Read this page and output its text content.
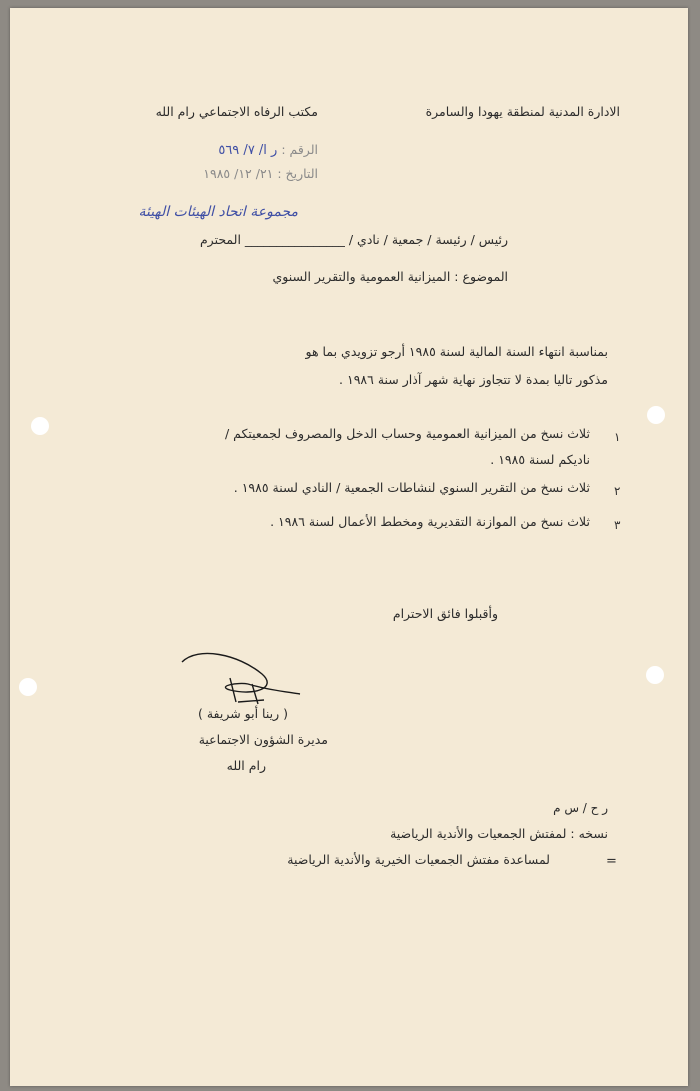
الادارة المدنية لمنطقة يهودا والسامرة
مكتب الرفاه الاجتماعي رام الله
الرقم : ر ا/ ٧/ ٥٦٩
التاريخ : ٢١/ ١٢/ ١٩٨٥
مجموعة اتحاد الهيئات الهيئة
رئيس / رئيسة / جمعية / نادي / ________________ المحترم
الموضوع : الميزانية العمومية والتقرير السنوي
بمناسبة انتهاء السنة المالية لسنة ١٩٨٥ أرجو تزويدي بما هو
مذكور تاليا بمدة لا تتجاوز نهاية شهر آذار سنة ١٩٨٦ .
١
ثلاث نسخ من الميزانية العمومية وحساب الدخل والمصروف لجمعيتكم /
ناديكم لسنة ١٩٨٥ .
٢
ثلاث نسخ من التقرير السنوي لنشاطات الجمعية / النادي لسنة ١٩٨٥ .
٣
ثلاث نسخ من الموازنة التقديرية ومخطط الأعمال لسنة ١٩٨٦ .
وأقبلوا فائق الاحترام
( رينا أبو شريفة )
مديرة الشؤون الاجتماعية
رام الله
ر ح / س م
نسخه : لمفتش الجمعيات والأندية الرياضية
=
لمساعدة مفتش الجمعيات الخيرية والأندية الرياضية
